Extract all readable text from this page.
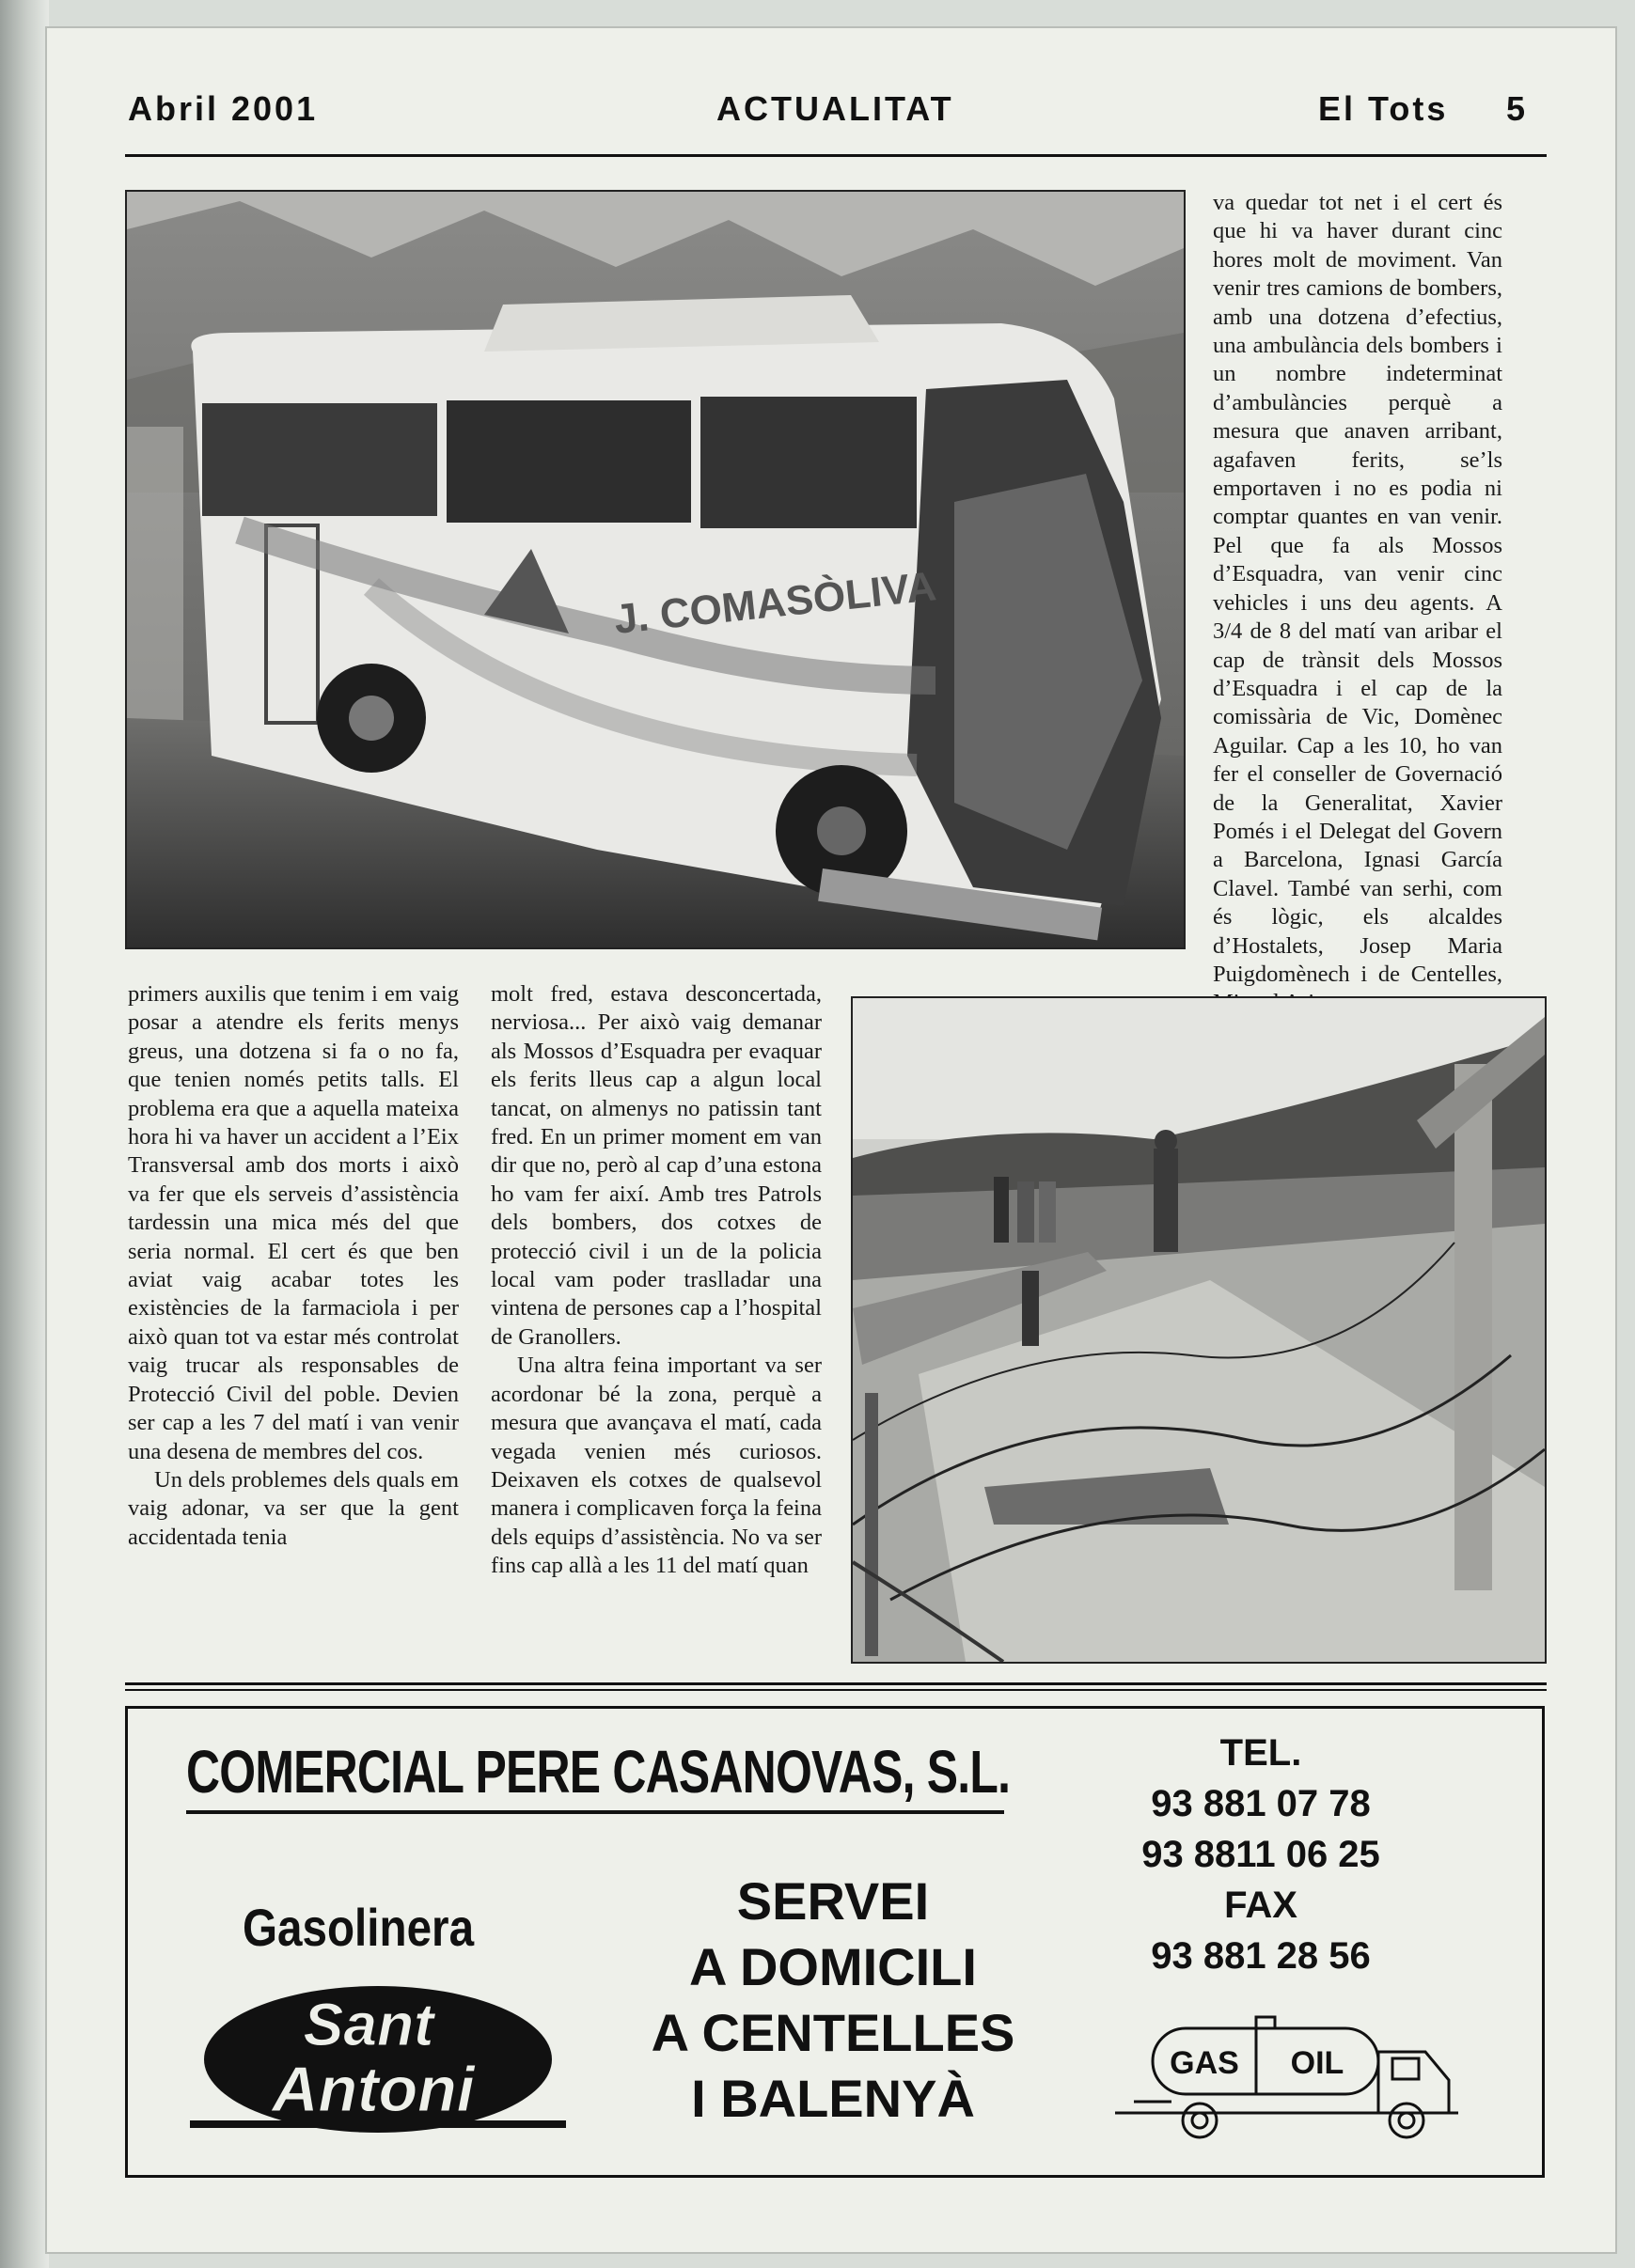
Abril 2001	ACTUALITAT	El Tots 5
J. COMASÒLIVA

va quedar tot net i el cert és que hi va haver durant cinc hores molt de moviment. Van venir tres camions de bombers, amb una dotzena d’efectius, una ambulància dels bombers i un nombre indeterminat d’ambulàncies perquè a mesura que anaven arribant, agafaven ferits, se’ls emportaven i no es podia ni comptar quantes en van venir. Pel que fa als Mossos d’Esquadra, van venir cinc vehicles i uns deu agents. A 3/4 de 8 del matí van aribar el cap de trànsit dels Mossos d’Esquadra i el cap de la comissària de Vic, Domènec Aguilar. Cap a les 10, ho van fer el conseller de Governació de la Generalitat, Xavier Pomés i el Delegat del Govern a Barcelona, Ignasi García Clavel. També van serhi, com és lògic, els alcaldes d’Hostalets, Josep Maria Puigdomènech i de Centelles,

primers auxilis que tenim i em vaig posar a atendre els ferits menys greus, una dotzena si fa o no fa, que tenien només petits talls. El problema era que a aquella mateixa hora hi va haver un accident a l’Eix Transversal amb dos morts i això va fer que els serveis d’assistència tardessin una mica més del que seria normal. El cert és que ben aviat vaig acabar totes les existències de la farmaciola i per això quan tot va estar més controlat vaig trucar als responsables de Protecció Civil del poble. Devien ser cap a les 7 del matí i van venir una desena de membres del cos.

Un dels problemes dels quals em vaig adonar, va ser que la gent accidentada tenia

molt fred, estava desconcertada, nerviosa... Per això vaig demanar als Mossos d’Esquadra per evaquar els ferits lleus cap a algun local tancat, on almenys no patissin tant fred. En un primer moment em van dir que no, però al cap d’una estona ho vam fer així. Amb tres Patrols dels bombers, dos cotxes de protecció civil i un de la policia local vam poder traslladar una vintena de persones cap a l’hospital de Granollers.

Una altra feina important va ser acordonar bé la zona, perquè a mesura que avançava el matí, cada vegada venien més curiosos. Deixaven els cotxes de qualsevol manera i complicaven força la feina dels equips d’assistència. No va ser fins cap allà a les 11 del matí quan

COMERCIAL PERE CASANOVAS, S.L.
Gasolinera
Sant
Antoni
SERVEI
A DOMICILI
A CENTELLES
I BALENYÀ
TEL.
93 881 07 78
93 8811 06 25
FAX
93 881 28 56
GAS OIL
